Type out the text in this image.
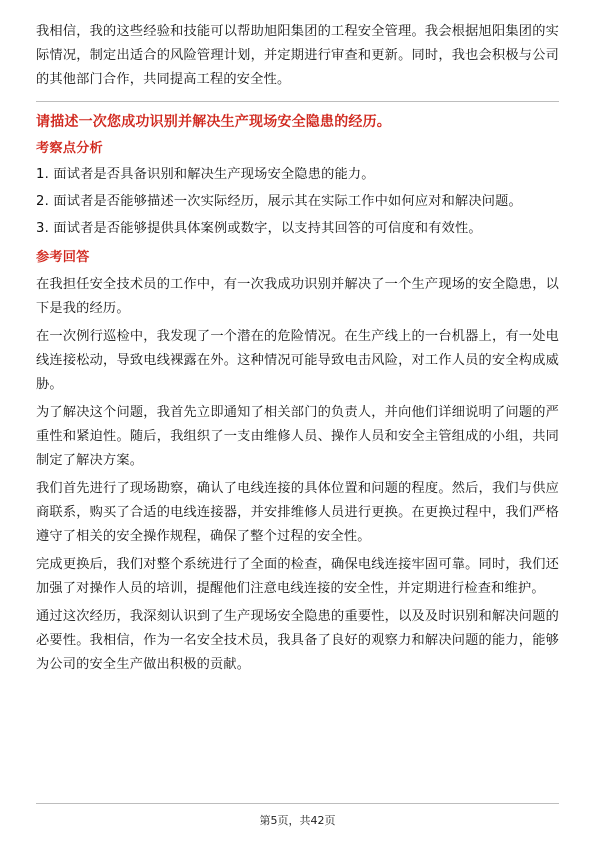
我相信，我的这些经验和技能可以帮助旭阳集团的工程安全管理。我会根据旭阳集团的实际情况，制定出适合的风险管理计划，并定期进行审查和更新。同时，我也会积极与公司的其他部门合作，共同提高工程的安全性。

请描述一次您成功识别并解决生产现场安全隐患的经历。

考察点分析

1. 面试者是否具备识别和解决生产现场安全隐患的能力。

2. 面试者是否能够描述一次实际经历，展示其在实际工作中如何应对和解决问题。

3. 面试者是否能够提供具体案例或数字，以支持其回答的可信度和有效性。

参考回答

在我担任安全技术员的工作中，有一次我成功识别并解决了一个生产现场的安全隐患，以下是我的经历。

在一次例行巡检中，我发现了一个潜在的危险情况。在生产线上的一台机器上，有一处电线连接松动，导致电线裸露在外。这种情况可能导致电击风险，对工作人员的安全构成威胁。

为了解决这个问题，我首先立即通知了相关部门的负责人，并向他们详细说明了问题的严重性和紧迫性。随后，我组织了一支由维修人员、操作人员和安全主管组成的小组，共同制定了解决方案。

我们首先进行了现场勘察，确认了电线连接的具体位置和问题的程度。然后，我们与供应商联系，购买了合适的电线连接器，并安排维修人员进行更换。在更换过程中，我们严格遵守了相关的安全操作规程，确保了整个过程的安全性。

完成更换后，我们对整个系统进行了全面的检查，确保电线连接牢固可靠。同时，我们还加强了对操作人员的培训，提醒他们注意电线连接的安全性，并定期进行检查和维护。

通过这次经历，我深刻认识到了生产现场安全隐患的重要性，以及及时识别和解决问题的必要性。我相信，作为一名安全技术员，我具备了良好的观察力和解决问题的能力，能够为公司的安全生产做出积极的贡献。

第5页，共42页
